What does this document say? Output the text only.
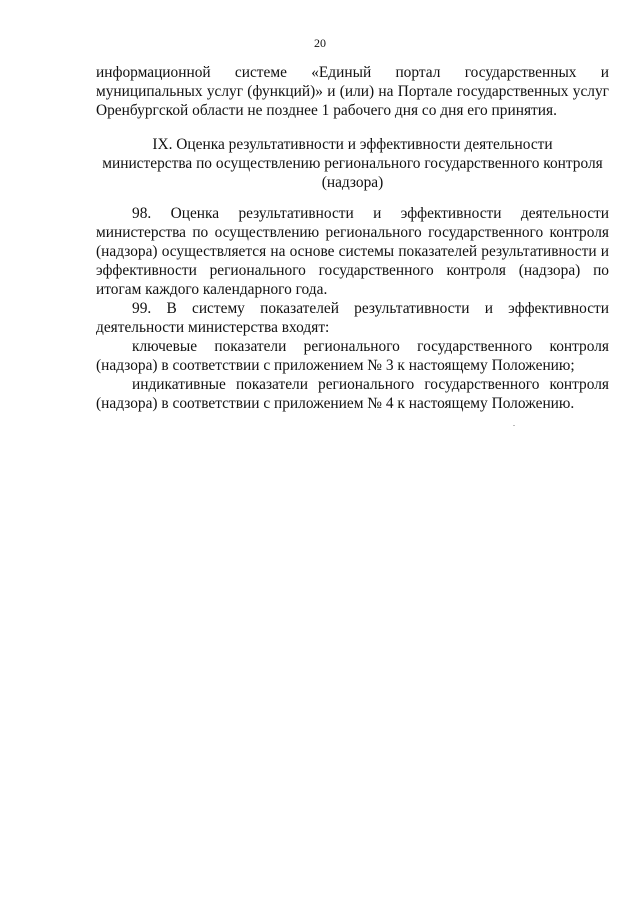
20
информационной системе «Единый портал государственных и
муниципальных услуг (функций)» и (или) на Портале государственных услуг
Оренбургской области не позднее 1 рабочего дня со дня его принятия.
IX. Оценка результативности и эффективности деятельности
министерства по осуществлению регионального государственного контроля
(надзора)
98. Оценка результативности и эффективности деятельности
министерства по осуществлению регионального государственного контроля
(надзора) осуществляется на основе системы показателей результативности и
эффективности регионального государственного контроля (надзора) по
итогам каждого календарного года.
99. В систему показателей результативности и эффективности
деятельности министерства входят:
ключевые показатели регионального государственного контроля
(надзора) в соответствии с приложением № 3 к настоящему Положению;
индикативные показатели регионального государственного контроля
(надзора) в соответствии с приложением № 4 к настоящему Положению.
